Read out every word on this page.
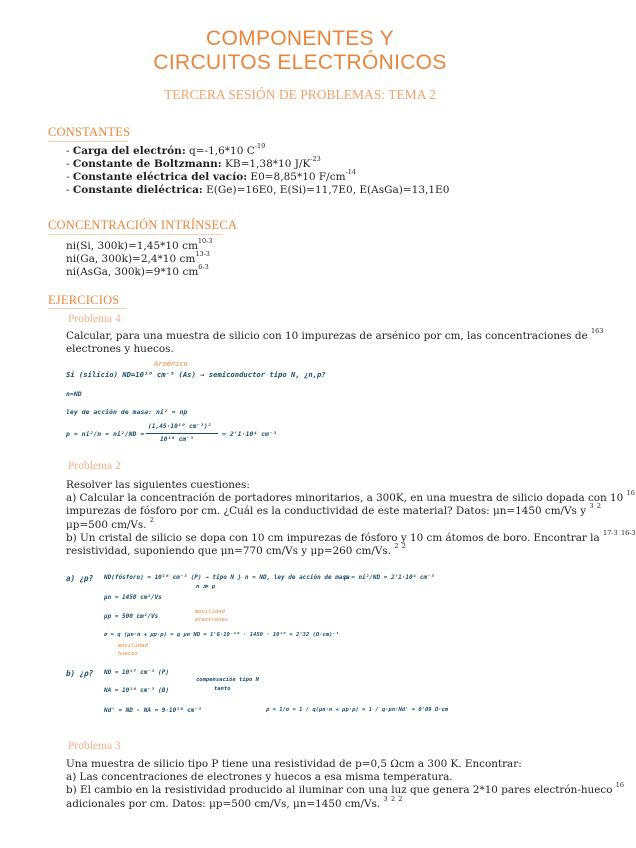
COMPONENTES Y
CIRCUITOS ELECTRÓNICOS
TERCERA SESIÓN DE PROBLEMAS: TEMA 2
CONSTANTES
- Carga del electrón: q=-1,6*10 $C^{-19}$
- Constante de Boltzmann: KB=1,38*10 $J/K^{-23}$
- Constante eléctrica del vacío: E0=8,85*10 $F/cm^{-14}$
- Constante dieléctrica: E(Ge)=16E0, E(Si)=11,7E0, E(AsGa)=13,1E0
CONCENTRACIÓN INTRÍNSECA
ni(Si, 300k)=1,45*10 $cm^{10-3}$
ni(Ga, 300k)=2,4*10 $cm^{13-3}$
ni(AsGa, 300k)=9*10 $cm^{6-3}$
EJERCICIOS
Problema 4
Calcular, para una muestra de silicio con 10 impurezas de arsénico por cm, las concentraciones de $^{163}$
electrones y huecos.
Arsénico
Si (silicio) ND=10¹⁶ cm⁻³ (As) → semiconductor tipo N, ¿n,p?
n=ND
ley de acción de masa: ni² = np
p = ni²/n = ni²/ND =
(1,45·10¹⁰ cm⁻³)²
10¹⁶ cm⁻³
= 2'1·10⁴ cm⁻³
Problema 2
Resolver las siguientes cuestiones:
a) Calcular la concentración de portadores minoritarios, a 300K, en una muestra de silicio dopada con 10 $^{16}$
impurezas de fósforo por cm. ¿Cuál es la conductividad de este material? Datos: μn=1450 cm/Vs y $^3$ $^2$
μp=500 cm/Vs. $^2$
b) Un cristal de silicio se dopa con 10 cm impurezas de fósforo y 10 cm átomos de boro. Encontrar la $^{17-3}$ $^{16-3}$
resistividad, suponiendo que μn=770 cm/Vs y μp=260 cm/Vs. $^2$ $^2$
a) ¿p? ND(fósforo) = 10¹⁶ cm⁻³ (P) → tipo N } n = ND, ley de acción de masa
n ≫ p
p = ni²/ND = 2'1·10⁴ cm⁻³
μn = 1450 cm²/Vs
μp = 500 cm²/Vs
movilidad
electrones
σ = q (μn·n + μp·p) = q μn ND = 1'6·10⁻¹⁹ · 1450 · 10¹⁶ = 2'32 (Ω·cm)⁻¹
movilidad
huecos
b) ¿ρ? ND = 10¹⁷ cm⁻³ (P)
compensación tipo N
NA = 10¹⁶ cm⁻³ (B)	tanto
Nd' = ND - NA = 9·10¹⁶ cm⁻³	ρ = 1/σ = 1 / q(μn·n + μp·p) = 1 / q·μn·Nd' = 0'09 Ω·cm
Problema 3
Una muestra de silicio tipo P tiene una resistividad de p=0,5 Ωcm a 300 K. Encontrar:
a) Las concentraciones de electrones y huecos a esa misma temperatura.
b) El cambio en la resistividad producido al iluminar con una luz que genera 2*10 pares electrón-hueco $^{16}$
adicionales por cm. Datos: μp=500 cm/Vs, μn=1450 cm/Vs. $^3$ $^2$ $^2$
